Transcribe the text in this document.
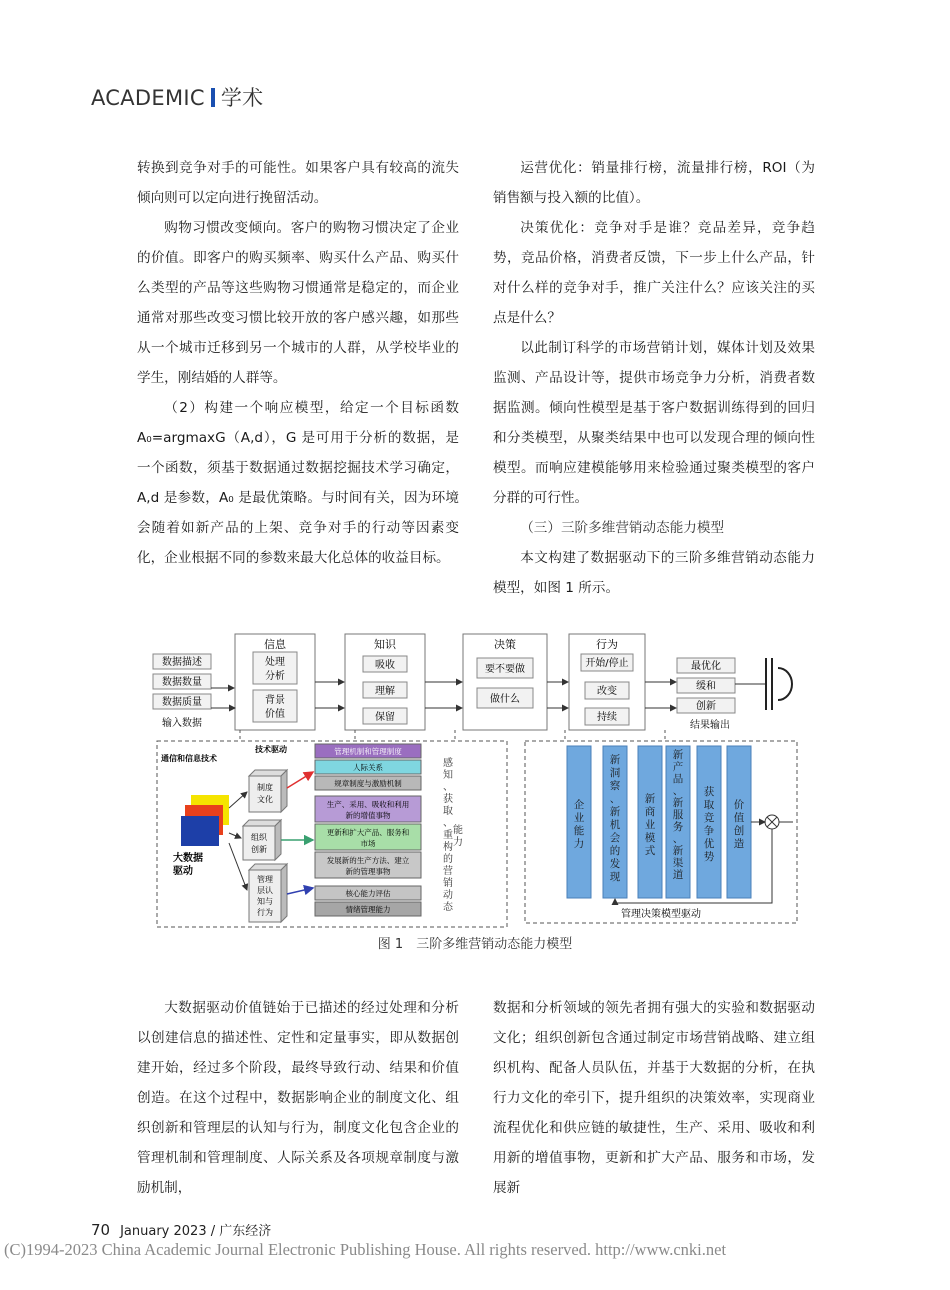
ACADEMIC 学术

转换到竞争对手的可能性。如果客户具有较高的流失倾向则可以定向进行挽留活动。

购物习惯改变倾向。客户的购物习惯决定了企业的价值。即客户的购买频率、购买什么产品、购买什么类型的产品等这些购物习惯通常是稳定的，而企业通常对那些改变习惯比较开放的客户感兴趣，如那些从一个城市迁移到另一个城市的人群，从学校毕业的学生，刚结婚的人群等。

（2）构建一个响应模型，给定一个目标函数 A₀=argmaxG（A,d），G 是可用于分析的数据，是一个函数，须基于数据通过数据挖掘技术学习确定，A,d 是参数，A₀ 是最优策略。与时间有关，因为环境会随着如新产品的上架、竞争对手的行动等因素变化，企业根据不同的参数来最大化总体的收益目标。

运营优化：销量排行榜，流量排行榜，ROI（为销售额与投入额的比值）。

决策优化：竞争对手是谁？竞品差异，竞争趋势，竞品价格，消费者反馈，下一步上什么产品，针对什么样的竞争对手，推广关注什么？应该关注的买点是什么？

以此制订科学的市场营销计划，媒体计划及效果监测、产品设计等，提供市场竞争力分析，消费者数据监测。倾向性模型是基于客户数据训练得到的回归和分类模型，从聚类结果中也可以发现合理的倾向性模型。而响应建模能够用来检验通过聚类模型的客户分群的可行性。

（三）三阶多维营销动态能力模型

本文构建了数据驱动下的三阶多维营销动态能力模型，如图 1 所示。

数据描述
数据数量
数据质量
输入数据
信息
处理
分析
背景
价值
知识
吸收
理解
保留
决策
要不要做
做什么
行为
开始/停止
改变
持续
最优化
缓和
创新
结果输出
通信和信息技术
技术驱动
大数据
驱动
制度
文化
组织
创新
管理
层认
知与
行为
管理机制和管理制度
人际关系
规章制度与激励机制
生产、采用、吸收和利用
新的增值事物
更新和扩大产品、服务和
市场
发展新的生产方法、建立
新的管理事物
核心能力评估
情绪管理能力
感
知
、
获
取
、
重
构
的
营
销
动
态
能
力
管理决策模型驱动
企
业
能
力
新
洞
察
、
新
机
会
的
发
现
新
商
业
模
式
新
产
品
、
新
服
务
、
新
渠
道
获
取
竞
争
优
势
价
值
创
造
图 1　三阶多维营销动态能力模型

大数据驱动价值链始于已描述的经过处理和分析以创建信息的描述性、定性和定量事实，即从数据创建开始，经过多个阶段，最终导致行动、结果和价值创造。在这个过程中，数据影响企业的制度文化、组织创新和管理层的认知与行为，制度文化包含企业的管理机制和管理制度、人际关系及各项规章制度与激励机制，

数据和分析领域的领先者拥有强大的实验和数据驱动文化；组织创新包含通过制定市场营销战略、建立组织机构、配备人员队伍，并基于大数据的分析，在执行力文化的牵引下，提升组织的决策效率，实现商业流程优化和供应链的敏捷性，生产、采用、吸收和利用新的增值事物，更新和扩大产品、服务和市场，发展新

70 January 2023 / 广东经济
(C)1994-2023 China Academic Journal Electronic Publishing House. All rights reserved. http://www.cnki.net
